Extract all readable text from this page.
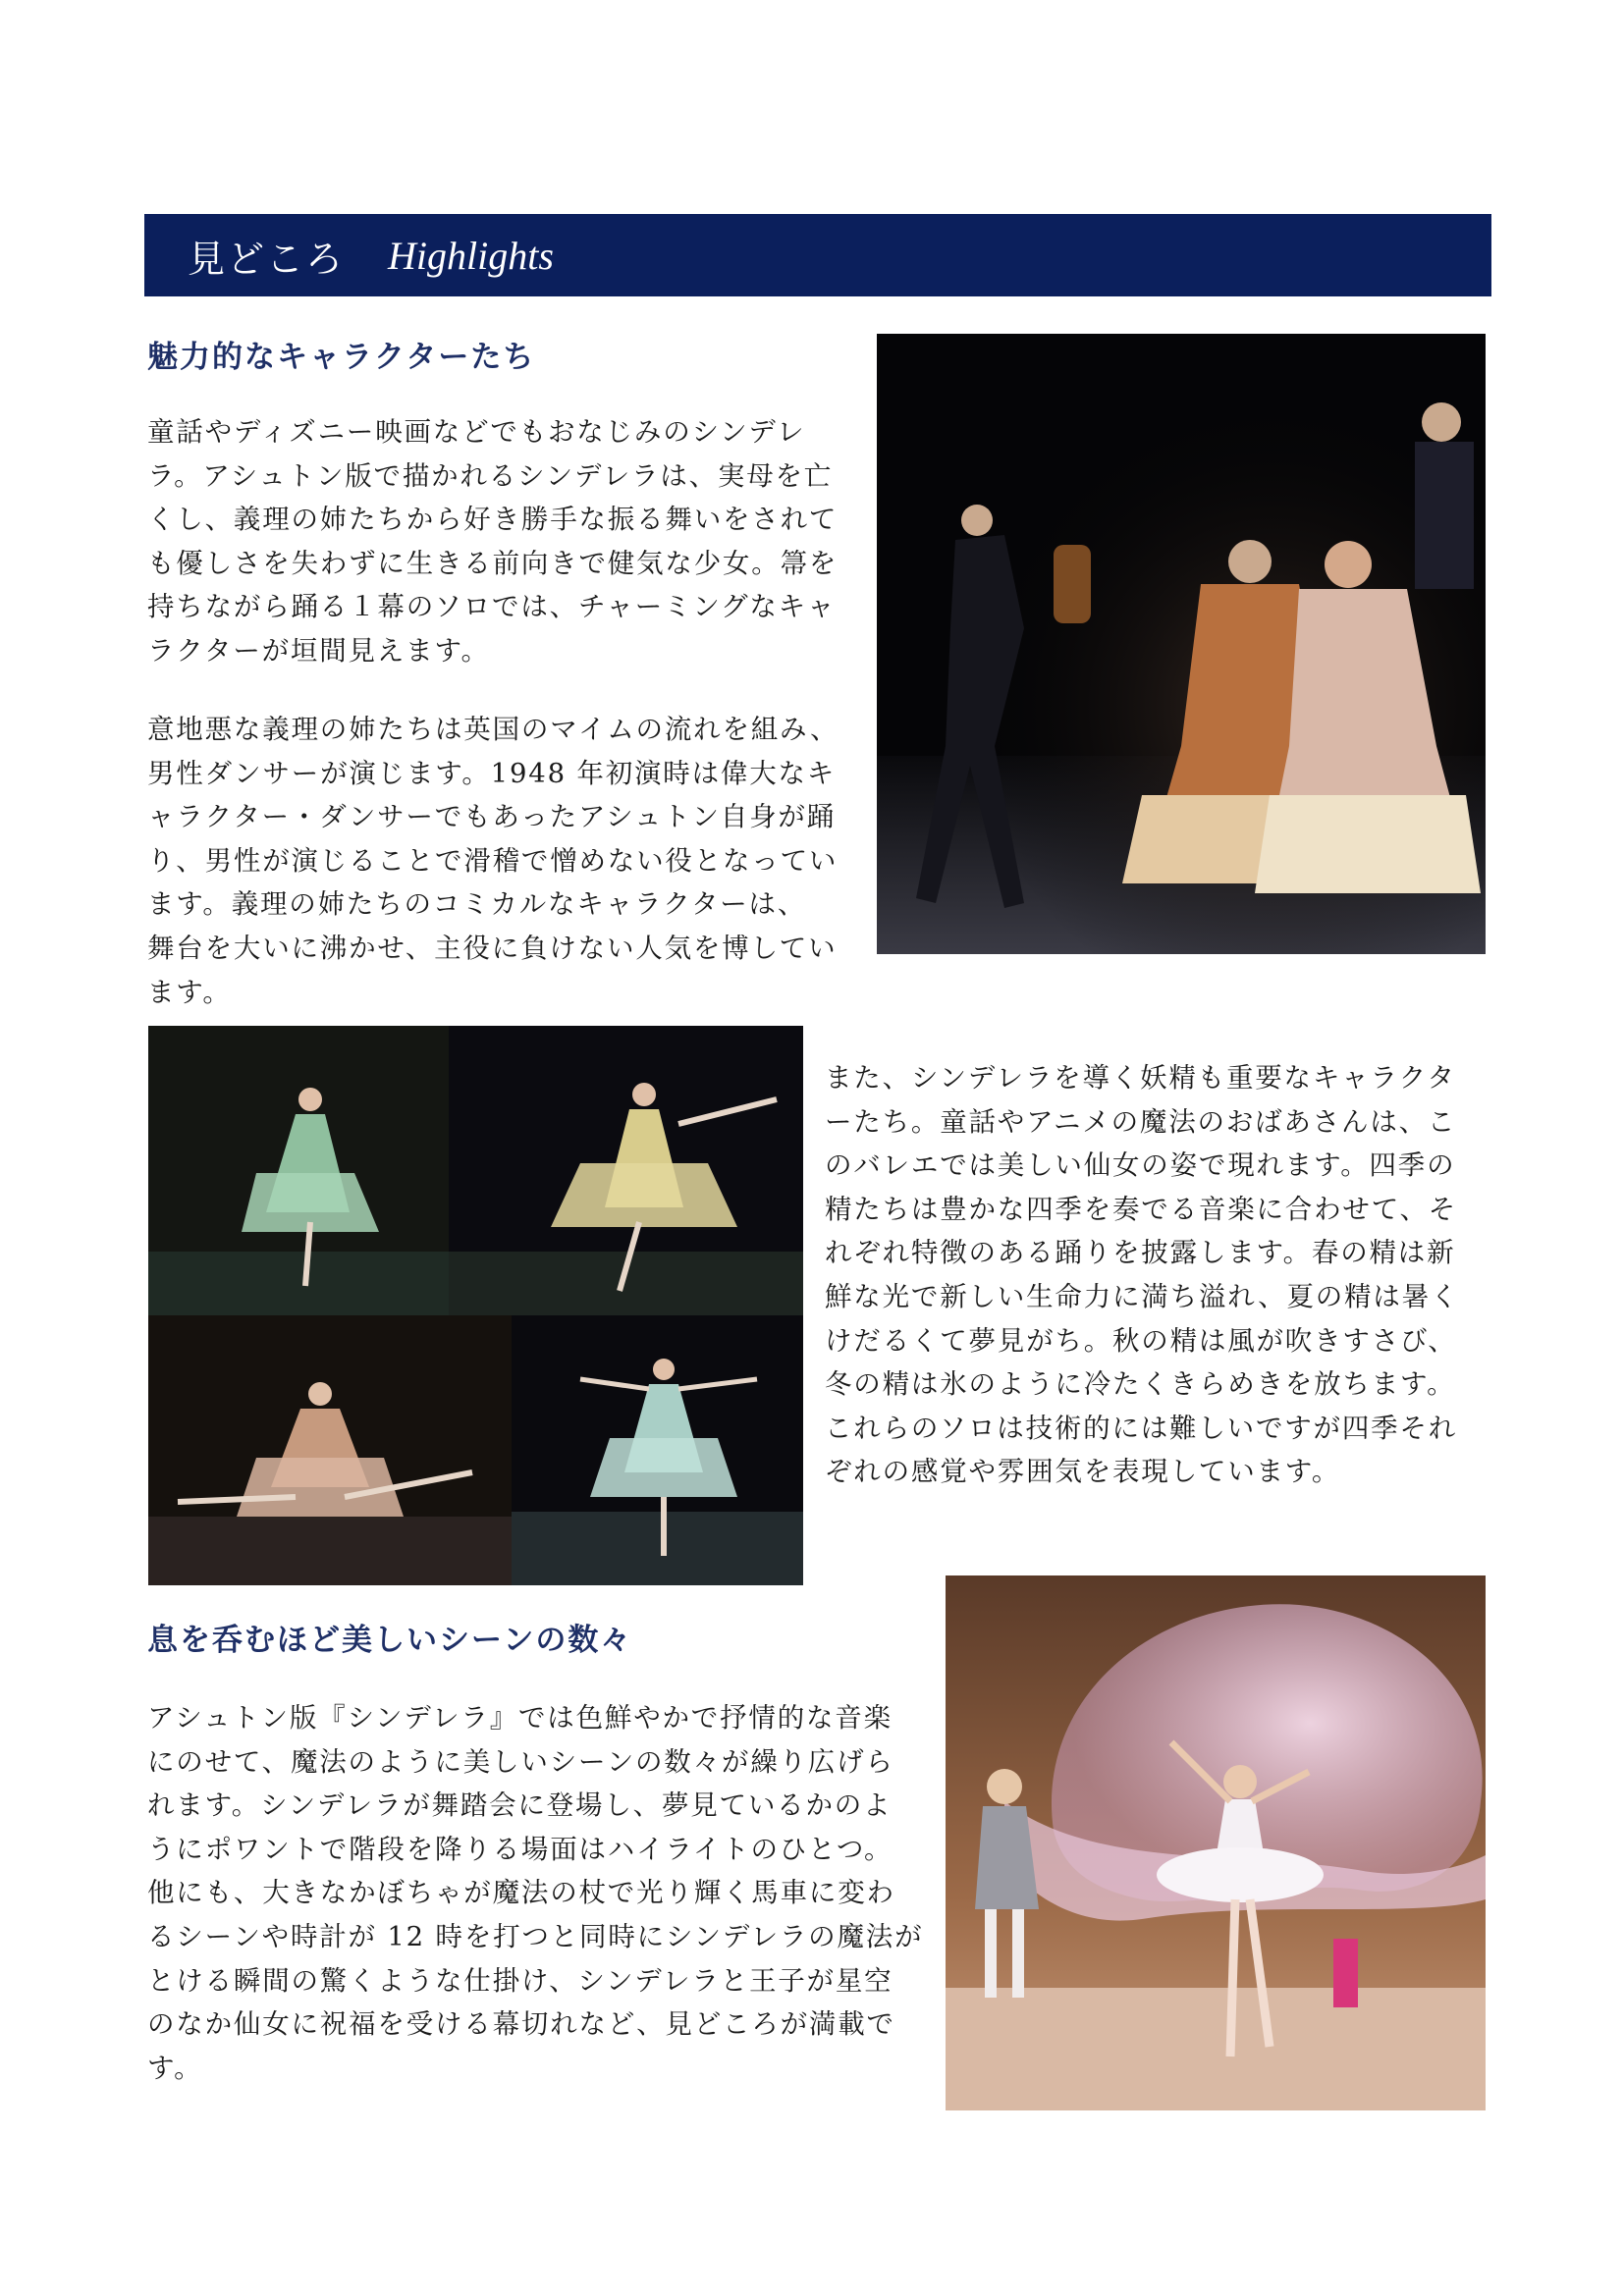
見どころ Highlights
魅力的なキャラクターたち
童話やディズニー映画などでもおなじみのシンデレ
ラ。アシュトン版で描かれるシンデレラは、実母を亡
くし、義理の姉たちから好き勝手な振る舞いをされて
も優しさを失わずに生きる前向きで健気な少女。箒を
持ちながら踊る１幕のソロでは、チャーミングなキャ
ラクターが垣間見えます。
意地悪な義理の姉たちは英国のマイムの流れを組み、
男性ダンサーが演じます。1948 年初演時は偉大なキ
ャラクター・ダンサーでもあったアシュトン自身が踊
り、男性が演じることで滑稽で憎めない役となってい
ます。義理の姉たちのコミカルなキャラクターは、
舞台を大いに沸かせ、主役に負けない人気を博してい
ます。
また、シンデレラを導く妖精も重要なキャラクタ
ーたち。童話やアニメの魔法のおばあさんは、こ
のバレエでは美しい仙女の姿で現れます。四季の
精たちは豊かな四季を奏でる音楽に合わせて、そ
れぞれ特徴のある踊りを披露します。春の精は新
鮮な光で新しい生命力に満ち溢れ、夏の精は暑く
けだるくて夢見がち。秋の精は風が吹きすさび、
冬の精は氷のように冷たくきらめきを放ちます。
これらのソロは技術的には難しいですが四季それ
ぞれの感覚や雰囲気を表現しています。
息を呑むほど美しいシーンの数々
アシュトン版『シンデレラ』では色鮮やかで抒情的な音楽
にのせて、魔法のように美しいシーンの数々が繰り広げら
れます。シンデレラが舞踏会に登場し、夢見ているかのよ
うにポワントで階段を降りる場面はハイライトのひとつ。
他にも、大きなかぼちゃが魔法の杖で光り輝く馬車に変わ
るシーンや時計が 12 時を打つと同時にシンデレラの魔法が
とける瞬間の驚くような仕掛け、シンデレラと王子が星空
のなか仙女に祝福を受ける幕切れなど、見どころが満載で
す。
